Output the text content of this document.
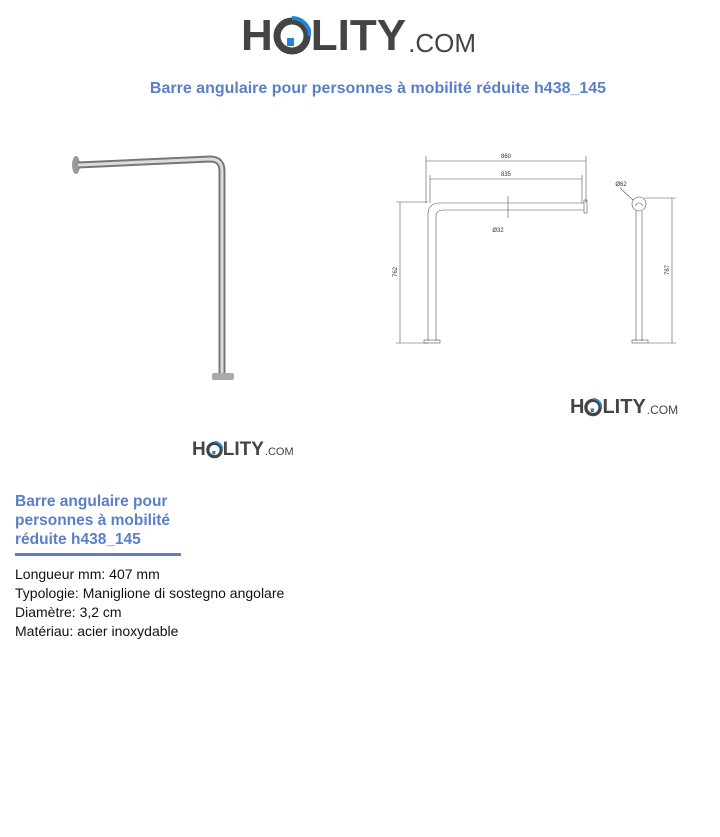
H LITY .COM
Barre angulaire pour personnes à mobilité réduite h438_145
860
835
Ø32
762
Ø62
787
H LITY .COM
H LITY .COM
Barre angulaire pour personnes à mobilité réduite h438_145
Longueur mm: 407 mm
Typologie: Maniglione di sostegno angolare
Diamètre: 3,2 cm
Matériau: acier inoxydable
